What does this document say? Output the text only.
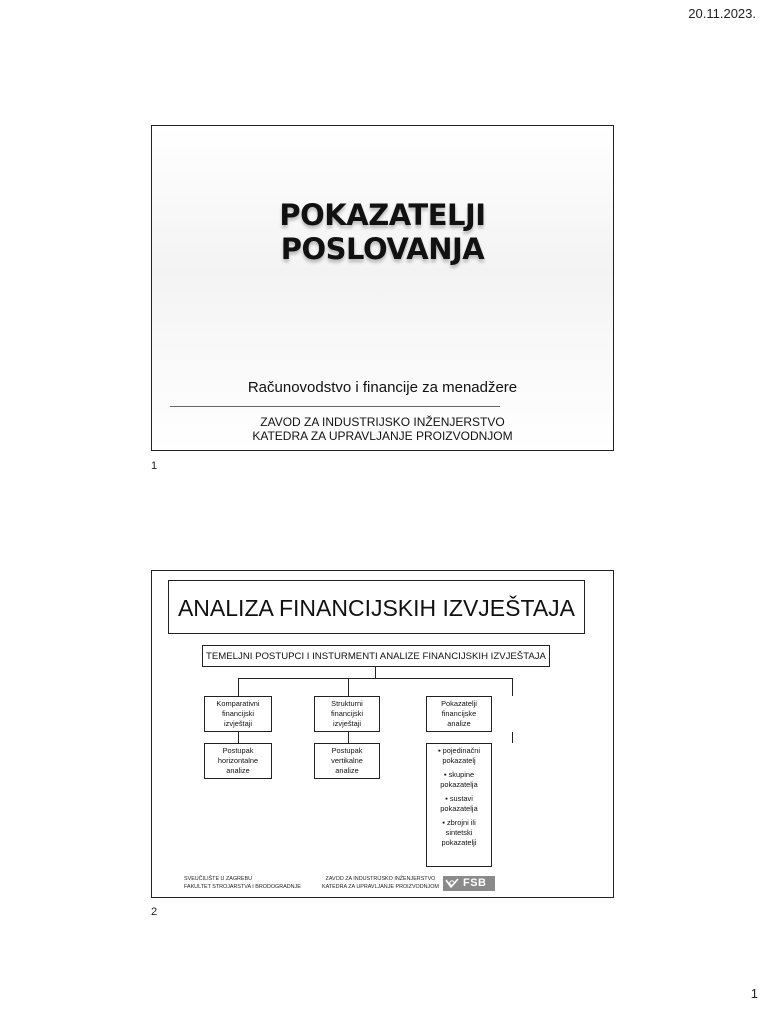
20.11.2023.
POKAZATELJI
POSLOVANJA
Računovodstvo i financije za menadžere
ZAVOD ZA INDUSTRIJSKO INŽENJERSTVO
KATEDRA ZA UPRAVLJANJE PROIZVODNJOM
1
ANALIZA FINANCIJSKIH IZVJEŠTAJA
TEMELJNI POSTUPCI I INSTURMENTI ANALIZE FINANCIJSKIH IZVJEŠTAJA
Komparativni
financijski
izvještaji
Postupak
horizontalne
analize
Strukturni
financijski
izvještaji
Postupak
vertikalne
analize
Pokazatelji
financijske
analize
▪ pojedinačni
pokazatelj
▪ skupine
pokazatelja
▪ sustavi
pokazatelja
▪ zbrojni ili
sintetski
pokazatelji
SVEUČILIŠTE U ZAGREBU
FAKULTET STROJARSTVA I BRODOGRADNJE
ZAVOD ZA INDUSTRIJSKO INŽENJERSTVO
KATEDRA ZA UPRAVLJANJE PROIZVODNJOM FSB
2
1
